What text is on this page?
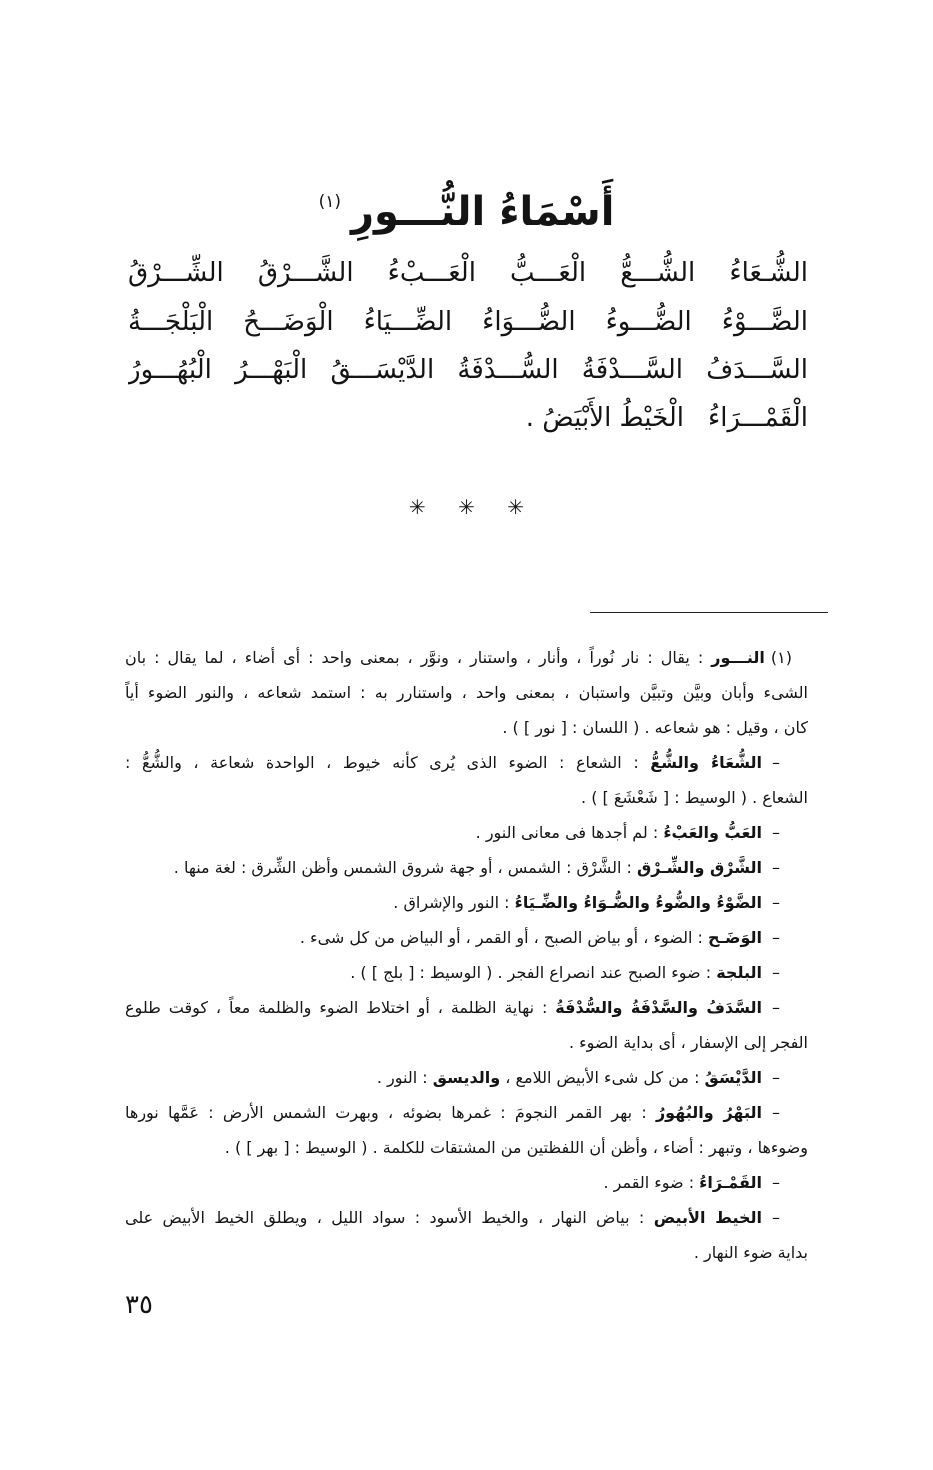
أَسْمَاءُ النُّـــورِ
(١)
الشُّـعَاءُ
الشُّـــعُّ
الْعَـــبُّ
الْعَـــبْءُ
الشَّـــرْقُ
الشِّـــرْقُ
الضَّـــوْءُ
الضُّـــوءُ
الضُّـــوَاءُ
الضِّـــيَاءُ
الْوَضَـــحُ
الْبَلْجَـــةُ
السَّـــدَفُ
السَّـــدْفَةُ
السُّـــدْفَةُ
الدَّيْسَـــقُ
الْبَهْـــرُ
الْبُهُـــورُ
الْقَمْـــرَاءُ
الْخَيْطُ الأَبْيَضُ .
✳ ✳ ✳
(١)النـــور : يقال : نار نُوراً ، وأنار ، واستنار ، ونوَّر ، بمعنى واحد : أى أضاء ، لما يقال : بان
الشىء وأبان وبيَّن وتبيَّن واستبان ، بمعنى واحد ، واستنارر به : استمد شعاعه ، والنور الضوء أياً
كان ، وقيل : هو شعاعه . ( اللسان : [ نور ] ) .
–الشُّعَاءُ والشُّعُّ : الشعاع : الضوء الذى يُرى كأنه خيوط ، الواحدة شعاعة ، والشُّعُّ :
الشعاع . ( الوسيط : [ شَعْشَعَ ] ) .
–العَبُّ والعَبْءُ : لم أجدها فى معانى النور .
–الشَّرْق والشِّـرْق : الشَّرْق : الشمس ، أو جهة شروق الشمس وأظن الشِّرق : لغة منها .
–الضَّوْءُ والضُّوءُ والضُّـوَاءُ والضِّـيَاءُ : النور والإشراق .
–الوَضَـح : الضوء ، أو بياض الصبح ، أو القمر ، أو البياض من كل شىء .
–البلجة : ضوء الصبح عند انصراع الفجر . ( الوسيط : [ بلج ] ) .
–السَّدَفُ والسَّدْفَةُ والسُّدْفَةُ : نهاية الظلمة ، أو اختلاط الضوء والظلمة معاً ، كوقت طلوع
الفجر إلى الإسفار ، أى بداية الضوء .
–الدَّيْسَقُ : من كل شىء الأبيض اللامع ، والديسق : النور .
–البَهْرُ والبُهُورُ : بهر القمر النجومَ : غمرها بضوئه ، وبهرت الشمس الأرض : عَمَّها نورها
وضوءها ، وتبهر : أضاء ، وأظن أن اللفظتين من المشتقات للكلمة . ( الوسيط : [ بهر ] ) .
–القَمْـرَاءُ : ضوء القمر .
–الخيط الأبيض : بياض النهار ، والخيط الأسود : سواد الليل ، ويطلق الخيط الأبيض على
بداية ضوء النهار .
٣٥
